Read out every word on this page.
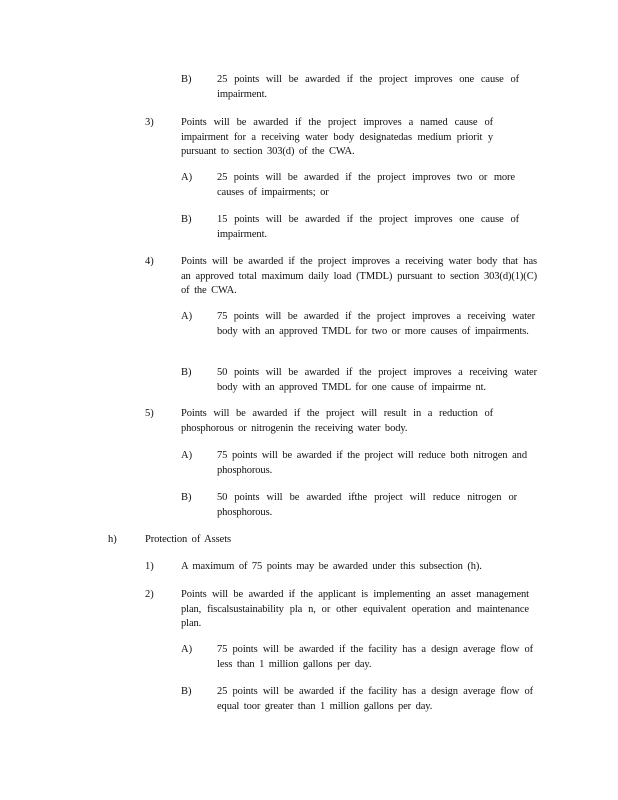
B) 25 points will be awarded if the project improves one cause of impairment.
3)	Points will be awarded if the project improves a named cause of impairment for a receiving water body designatedas medium priorit y pursuant to section 303(d) of the CWA.
A) 25 points will be awarded if the project improves two or more causes of impairments; or
B) 15 points will be awarded if the project improves one cause of impairment.
4)	Points will be awarded if the project improves a receiving water body that has an approved total maximum daily load (TMDL) pursuant to section 303(d)(1)(C) of the CWA.
A) 75 points will be awarded if the project improves a receiving water body with an approved TMDL for two or more causes of impairments.
B) 50 points will be awarded if the project improves a receiving water body with an approved TMDL for one cause of impairme nt.
5)	Points will be awarded if the project will result in a reduction of phosphorous or nitrogenin the receiving water body.
A) 75 points will be awarded if the project will reduce both nitrogen and phosphorous.
B) 50 points will be awarded ifthe project will reduce nitrogen or phosphorous.
h)	Protection of Assets
1)	A maximum of 75 points may be awarded under this subsection (h).
2)	Points will be awarded if the applicant is implementing an asset management plan, fiscalsustainability pla n, or other equivalent operation and maintenance plan.
A) 75 points will be awarded if the facility has a design average flow of less than 1 million gallons per day.
B) 25 points will be awarded if the facility has a design average flow of equal toor greater than 1 million gallons per day.
